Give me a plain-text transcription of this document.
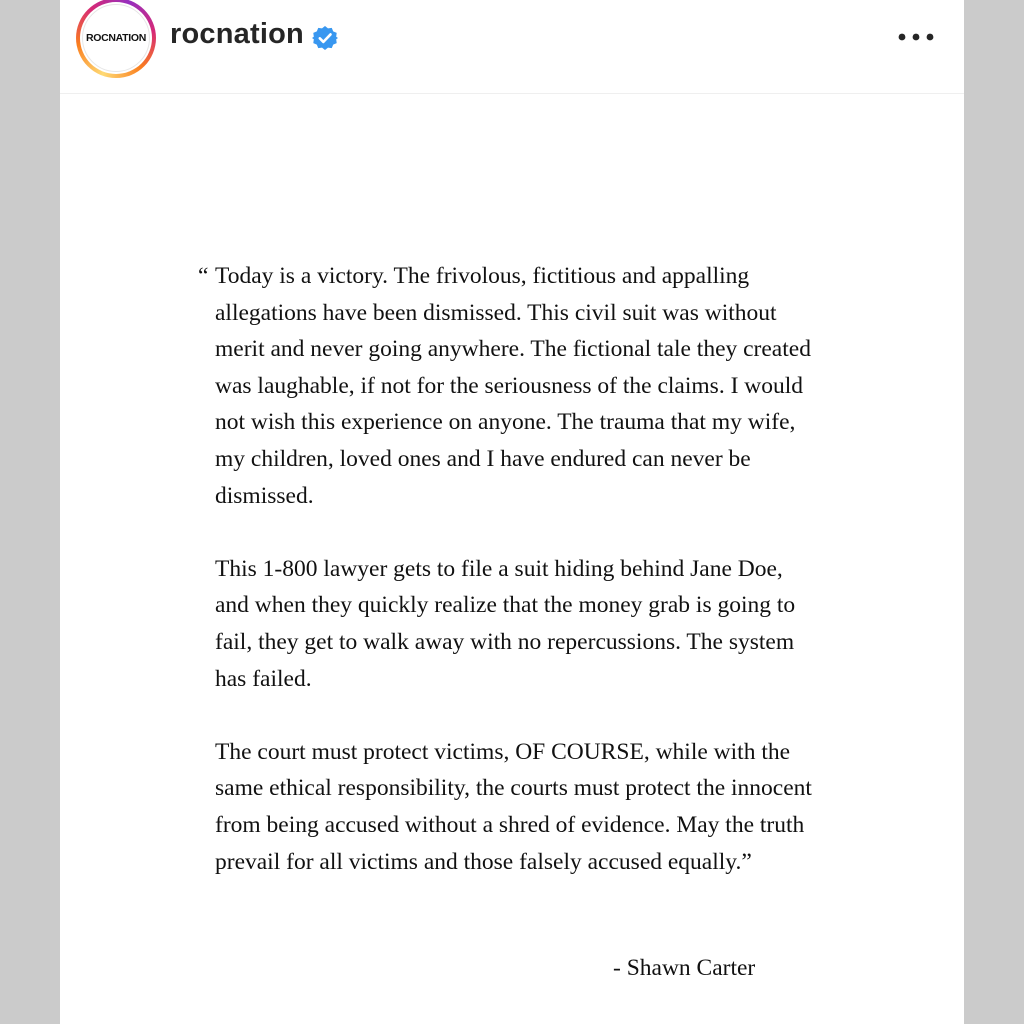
ROCNATION rocnation

“ Today is a victory. The frivolous, fictitious and appalling allegations have been dismissed. This civil suit was without merit and never going anywhere. The fictional tale they created was laughable, if not for the seriousness of the claims. I would not wish this experience on anyone. The trauma that my wife, my children, loved ones and I have endured can never be dismissed.

This 1-800 lawyer gets to file a suit hiding behind Jane Doe, and when they quickly realize that the money grab is going to fail, they get to walk away with no repercussions. The system has failed.

The court must protect victims, OF COURSE, while with the same ethical responsibility, the courts must protect the innocent from being accused without a shred of evidence. May the truth prevail for all victims and those falsely accused equally.”

- Shawn Carter
